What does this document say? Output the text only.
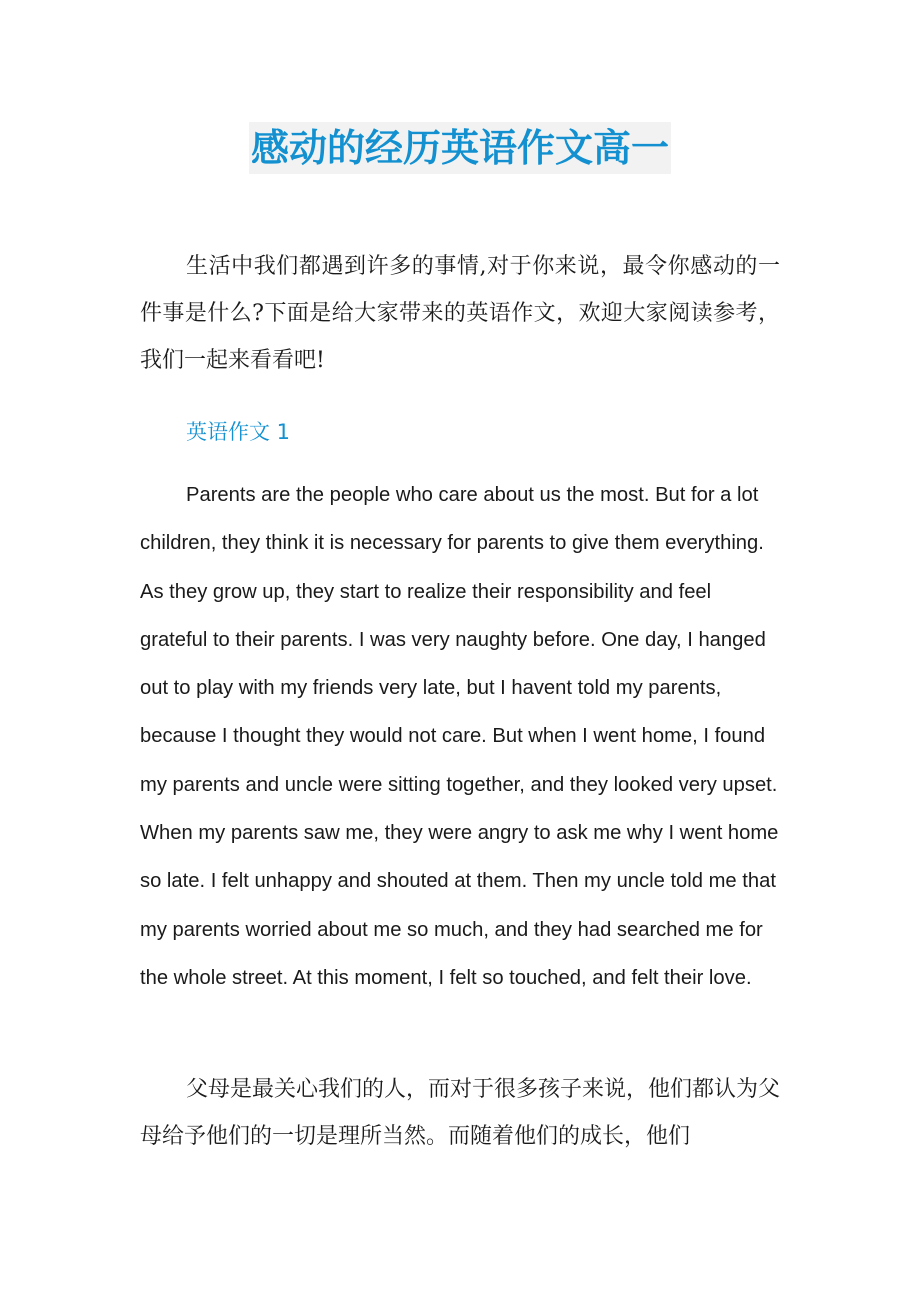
感动的经历英语作文高一

生活中我们都遇到许多的事情,对于你来说，最令你感动的一件事是什么?下面是给大家带来的英语作文，欢迎大家阅读参考，我们一起来看看吧!

英语作文 1

Parents are the people who care about us the most. But for a lot children, they think it is necessary for parents to give them everything. As they grow up, they start to realize their responsibility and feel grateful to their parents. I was very naughty before. One day, I hanged out to play with my friends very late, but I havent told my parents, because I thought they would not care. But when I went home, I found my parents and uncle were sitting together, and they looked very upset. When my parents saw me, they were angry to ask me why I went home so late. I felt unhappy and shouted at them. Then my uncle told me that my parents worried about me so much, and they had searched me for the whole street. At this moment, I felt so touched, and felt their love.

父母是最关心我们的人，而对于很多孩子来说，他们都认为父母给予他们的一切是理所当然。而随着他们的成长，他们
